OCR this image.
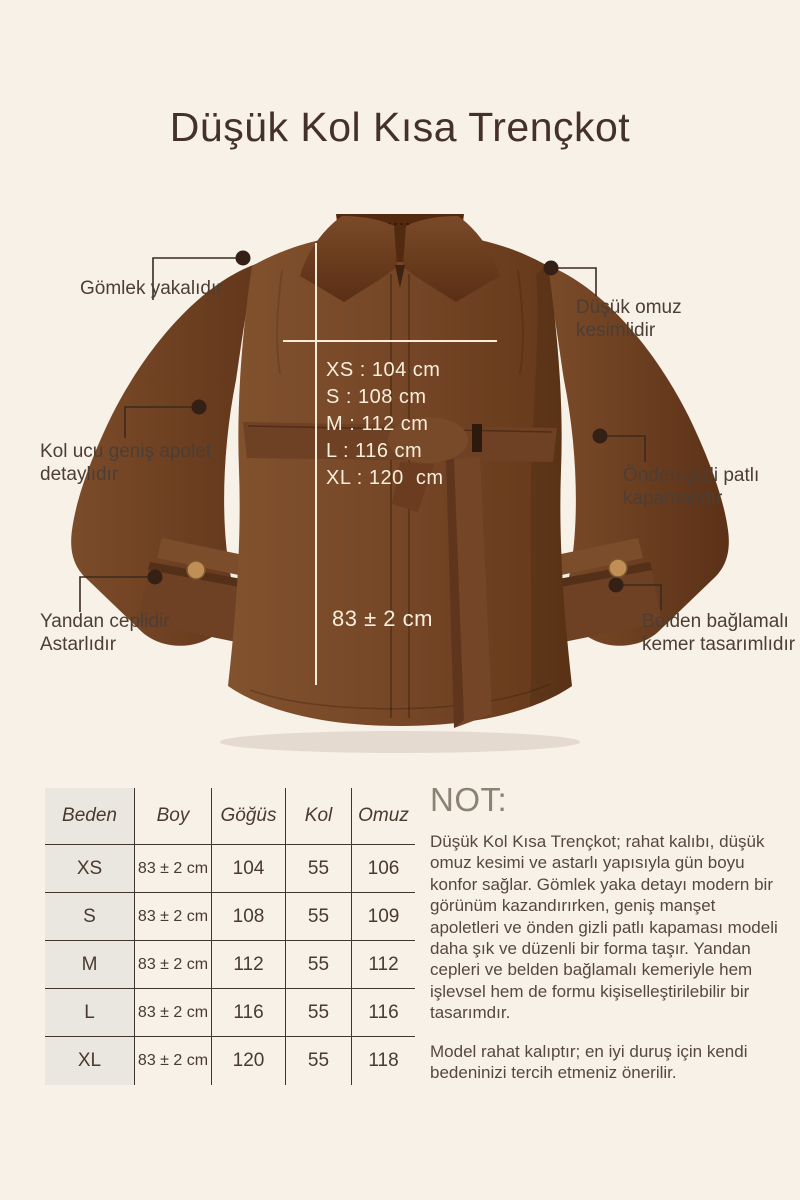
Düşük Kol Kısa Trençkot
Gömlek yakalıdır
Düşük omuz
kesimlidir
Kol ucu geniş apolet
detaylıdır	Önden gizli patlı
kapamalıdır
Yandan ceplidir
Astarlıdır
Belden bağlamalı
kemer tasarımlıdır
XS : 104 cm
S : 108 cm
M : 112 cm
L : 116 cm
XL : 120  cm
83 ± 2 cm
Beden	Boy	Göğüs	Kol	Omuz
XS	83 ± 2 cm	104	55	106
S	83 ± 2 cm	108	55	109
M	83 ± 2 cm	112	55	112
L	83 ± 2 cm	116	55	116
XL	83 ± 2 cm	120	55	118
NOT:

Düşük Kol Kısa Trençkot; rahat kalıbı, düşük omuz kesimi ve astarlı yapısıyla gün boyu konfor sağlar. Gömlek yaka detayı modern bir görünüm kazandırırken, geniş manşet apoletleri ve önden gizli patlı kapaması modeli daha şık ve düzenli bir forma taşır. Yandan cepleri ve belden bağlamalı kemeriyle hem işlevsel hem de formu kişiselleştirilebilir bir tasarımdır.

Model rahat kalıptır; en iyi duruş için kendi bedeninizi tercih etmeniz önerilir.
